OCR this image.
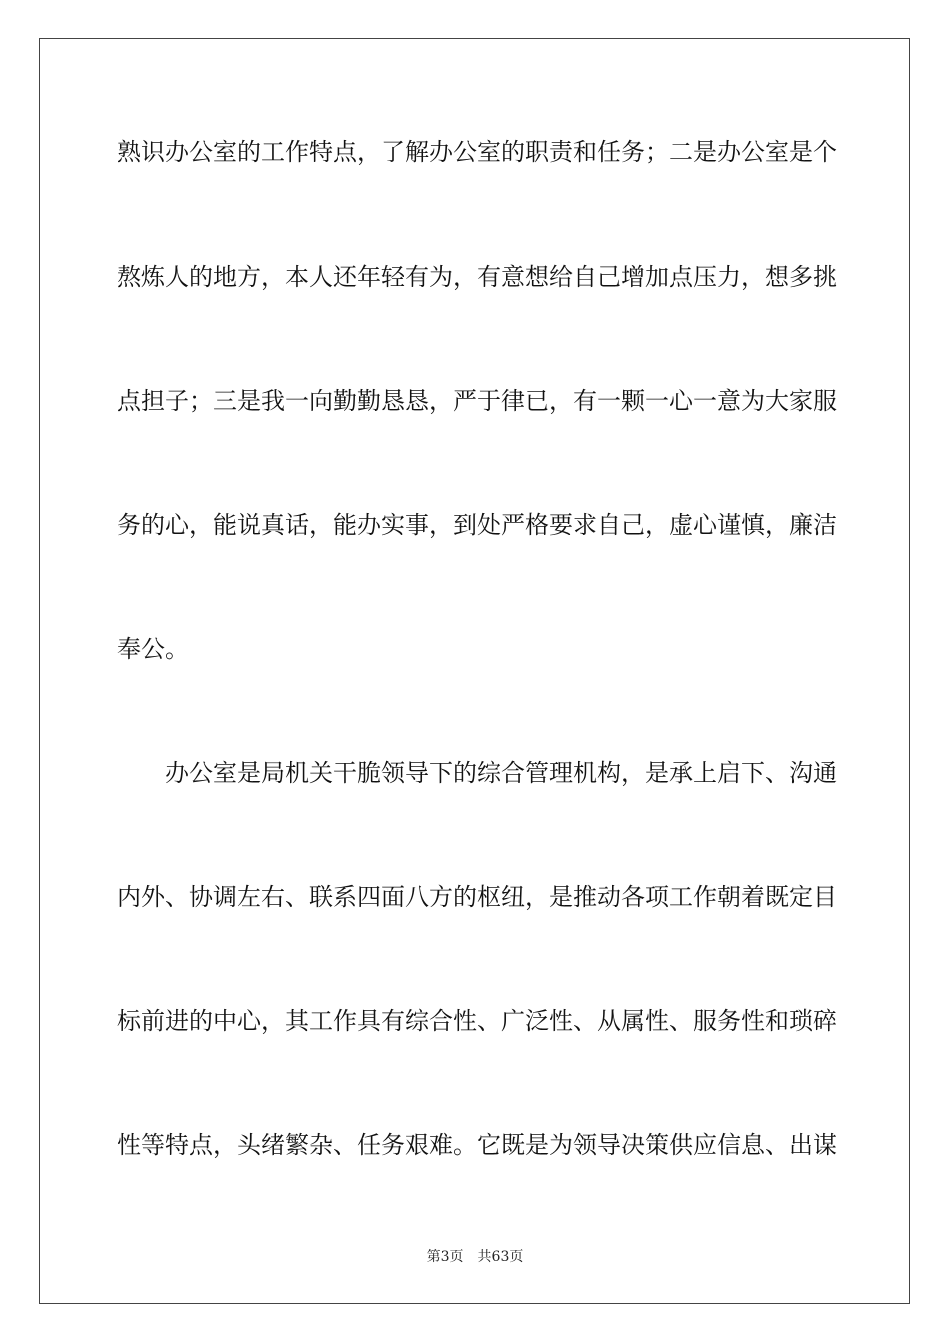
熟识办公室的工作特点，了解办公室的职责和任务；二是办公室是个
熬炼人的地方，本人还年轻有为，有意想给自己增加点压力，想多挑
点担子；三是我一向勤勤恳恳，严于律已，有一颗一心一意为大家服
务的心，能说真话，能办实事，到处严格要求自己，虚心谨慎，廉洁
奉公。
办公室是局机关干脆领导下的综合管理机构，是承上启下、沟通
内外、协调左右、联系四面八方的枢纽，是推动各项工作朝着既定目
标前进的中心，其工作具有综合性、广泛性、从属性、服务性和琐碎
性等特点，头绪繁杂、任务艰难。它既是为领导决策供应信息、出谋
第3页 共63页
